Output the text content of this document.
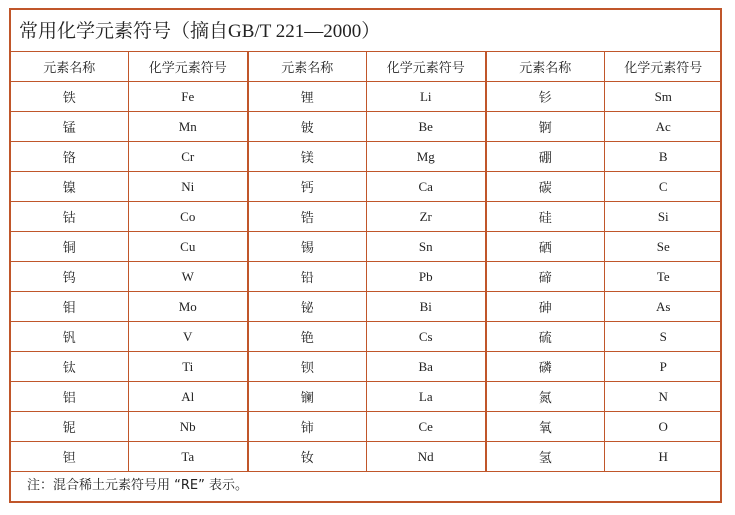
常用化学元素符号（摘自GB/T 221—2000）
元素名称	化学元素符号	元素名称	化学元素符号	元素名称	化学元素符号
铁	Fe	锂	Li	钐	Sm
锰	Mn	铍	Be	锕	Ac
铬	Cr	镁	Mg	硼	B
镍	Ni	钙	Ca	碳	C
钴	Co	锆	Zr	硅	Si
铜	Cu	锡	Sn	硒	Se
钨	W	铅	Pb	碲	Te
钼	Mo	铋	Bi	砷	As
钒	V	铯	Cs	硫	S
钛	Ti	钡	Ba	磷	P
铝	Al	镧	La	氮	N
铌	Nb	铈	Ce	氧	O
钽	Ta	钕	Nd	氢	H
注：混合稀土元素符号用 “RE” 表示。
